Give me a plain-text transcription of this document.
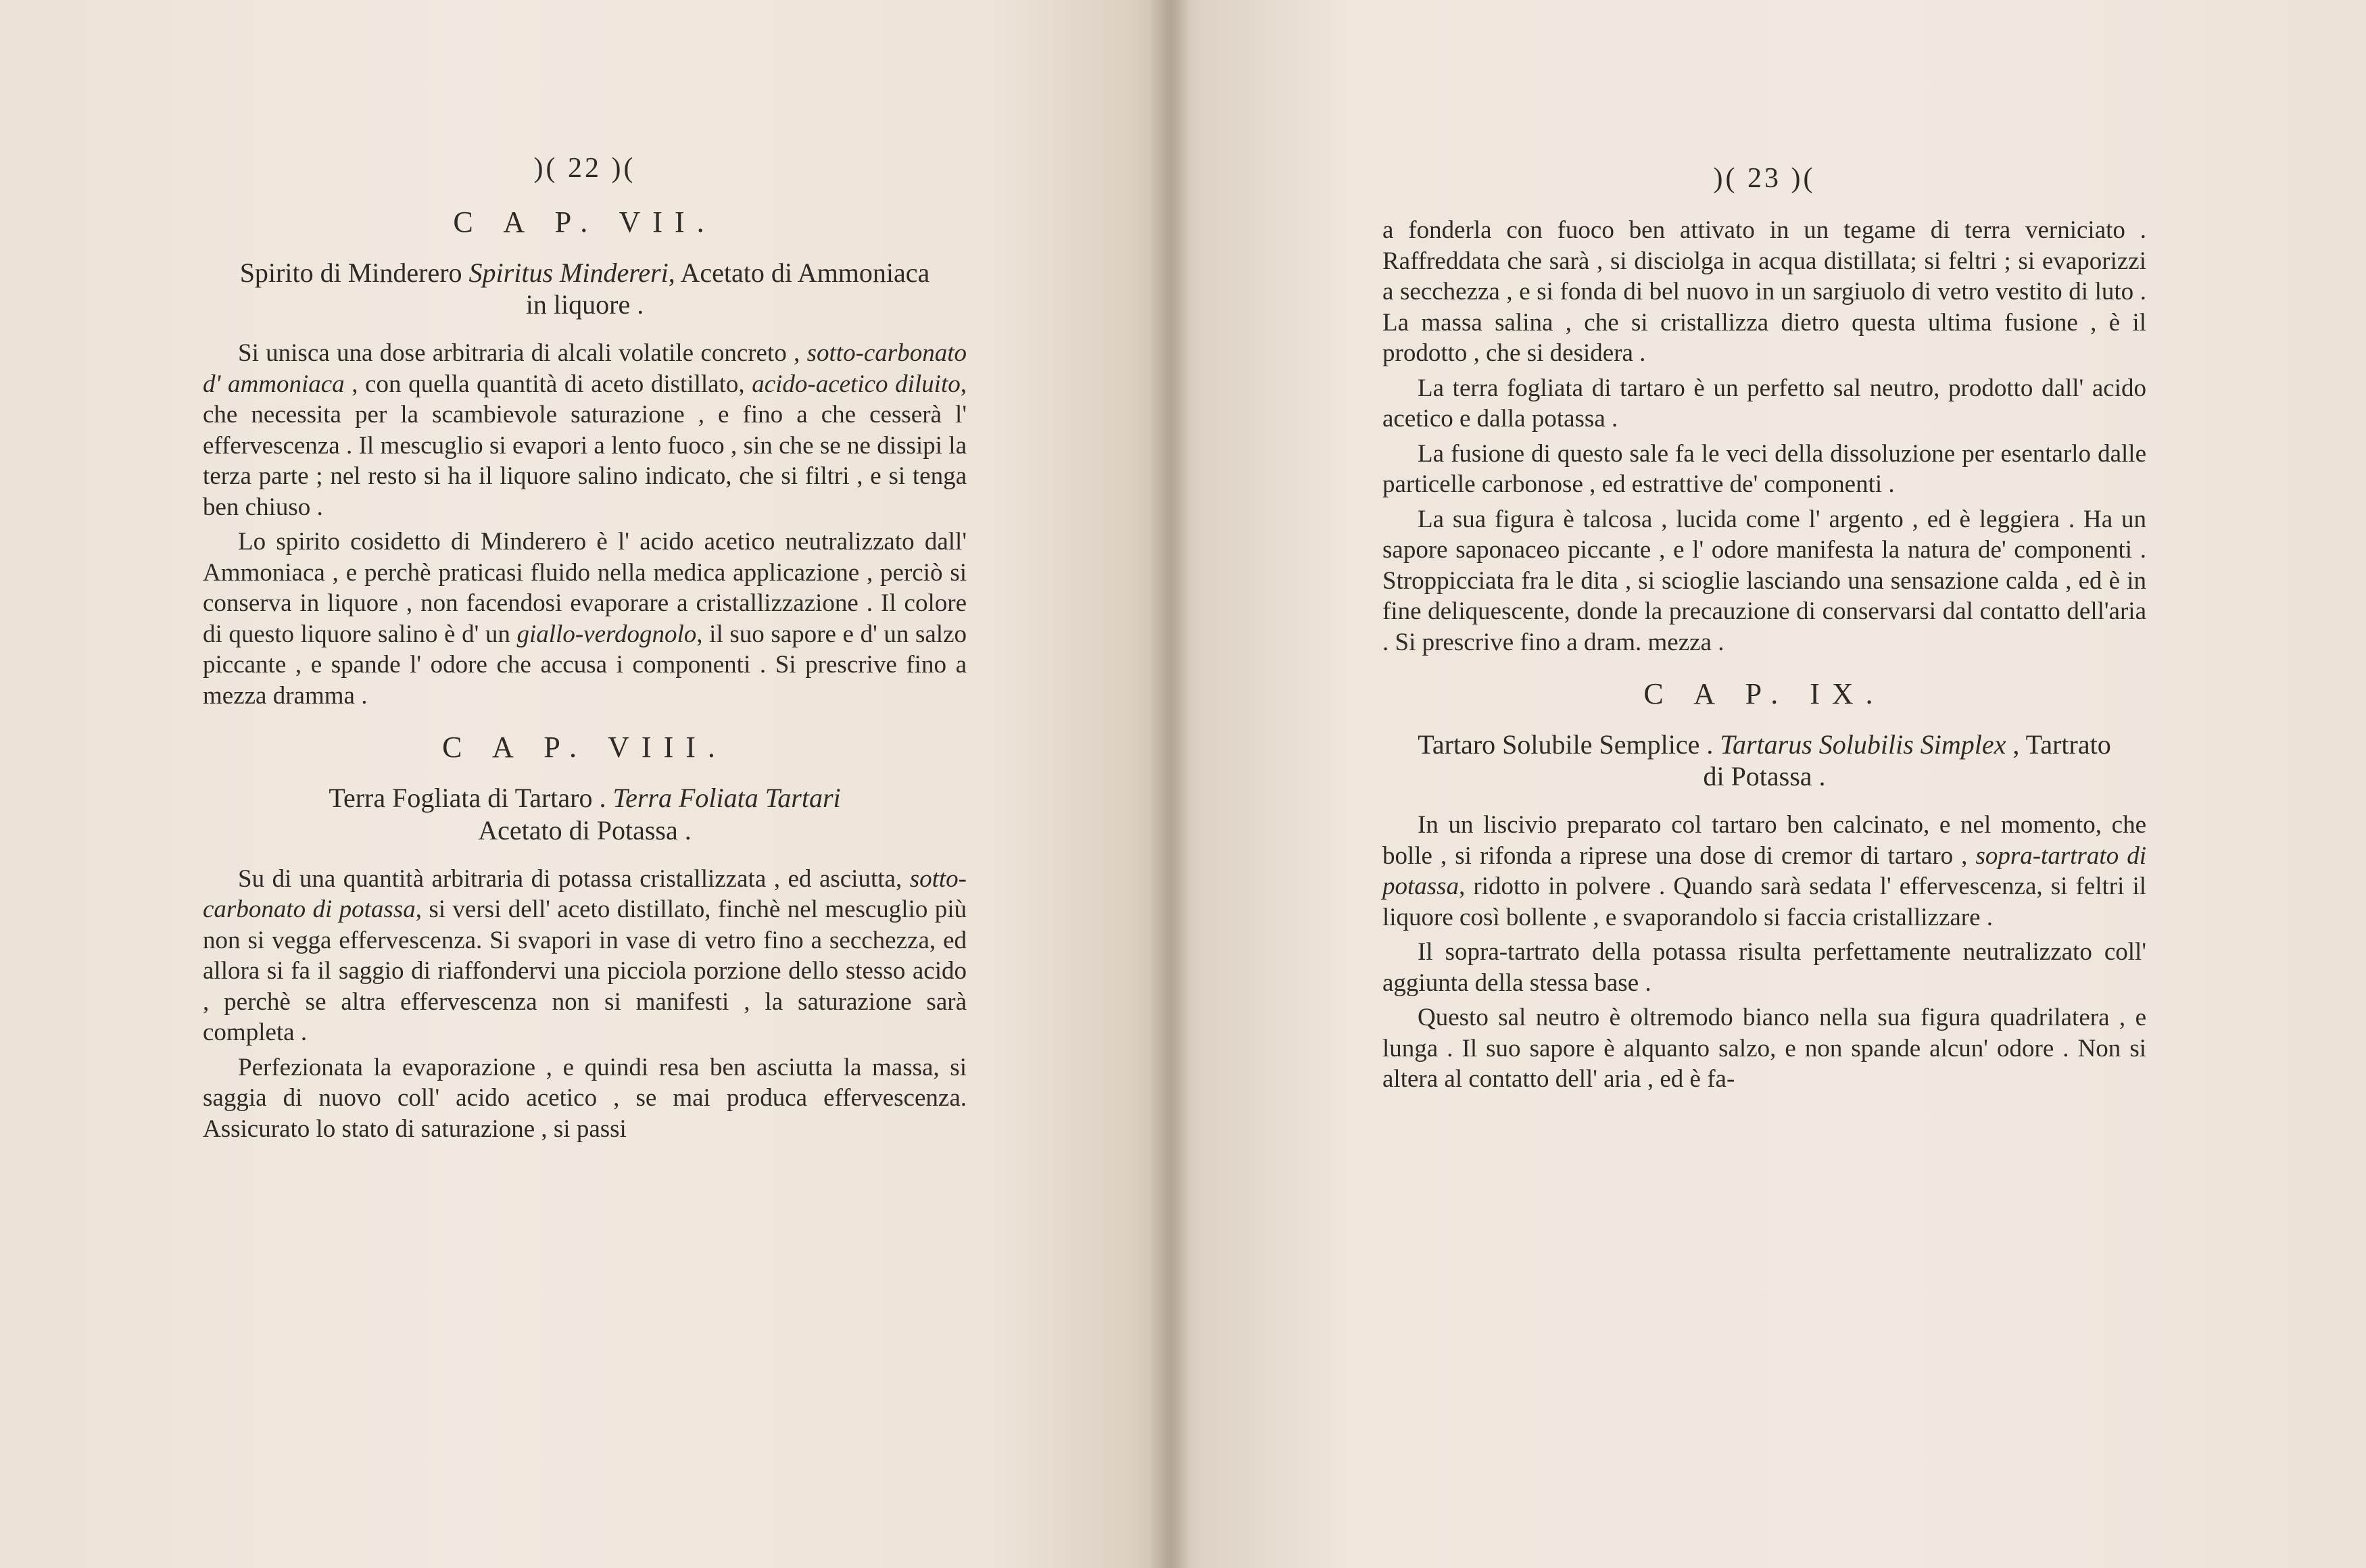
)( 22 )(
C A P. VII.
Spirito di Minderero Spiritus Mindereri, Acetato di Ammoniaca in liquore .

Si unisca una dose arbitraria di alcali volatile concreto , sotto-carbonato d' ammoniaca , con quella quantità di aceto distillato, acido-acetico diluito, che necessita per la scambievole saturazione , e fino a che cesserà l' effervescenza . Il mescuglio si evapori a lento fuoco , sin che se ne dissipi la terza parte ; nel resto si ha il liquore salino indicato, che si filtri , e si tenga ben chiuso .

Lo spirito cosidetto di Minderero è l' acido acetico neutralizzato dall' Ammoniaca , e perchè praticasi fluido nella medica applicazione , perciò si conserva in liquore , non facendosi evaporare a cristallizzazione . Il colore di questo liquore salino è d' un giallo-verdognolo, il suo sapore e d' un salzo piccante , e spande l' odore che accusa i componenti . Si prescrive fino a mezza dramma .

C A P. VIII.
Terra Fogliata di Tartaro . Terra Foliata Tartari
Acetato di Potassa .

Su di una quantità arbitraria di potassa cristallizzata , ed asciutta, sotto-carbonato di potassa, si versi dell' aceto distillato, finchè nel mescuglio più non si vegga effervescenza. Si svapori in vase di vetro fino a secchezza, ed allora si fa il saggio di riaffondervi una picciola porzione dello stesso acido , perchè se altra effervescenza non si manifesti , la saturazione sarà completa .

Perfezionata la evaporazione , e quindi resa ben asciutta la massa, si saggia di nuovo coll' acido acetico , se mai produca effervescenza. Assicurato lo stato di saturazione , si passi

)( 23 )(

a fonderla con fuoco ben attivato in un tegame di terra verniciato . Raffreddata che sarà , si disciolga in acqua distillata; si feltri ; si evaporizzi a secchezza , e si fonda di bel nuovo in un sargiuolo di vetro vestito di luto . La massa salina , che si cristallizza dietro questa ultima fusione , è il prodotto , che si desidera .

La terra fogliata di tartaro è un perfetto sal neutro, prodotto dall' acido acetico e dalla potassa .

La fusione di questo sale fa le veci della dissoluzione per esentarlo dalle particelle carbonose , ed estrattive de' componenti .

La sua figura è talcosa , lucida come l' argento , ed è leggiera . Ha un sapore saponaceo piccante , e l' odore manifesta la natura de' componenti . Stroppicciata fra le dita , si scioglie lasciando una sensazione calda , ed è in fine deliquescente, donde la precauzione di conservarsi dal contatto dell'aria . Si prescrive fino a dram. mezza .

C A P. IX.
Tartaro Solubile Semplice . Tartarus Solubilis Simplex , Tartrato di Potassa .

In un liscivio preparato col tartaro ben calcinato, e nel momento, che bolle , si rifonda a riprese una dose di cremor di tartaro , sopra-tartrato di potassa, ridotto in polvere . Quando sarà sedata l' effervescenza, si feltri il liquore così bollente , e svaporandolo si faccia cristallizzare .

Il sopra-tartrato della potassa risulta perfettamente neutralizzato coll' aggiunta della stessa base .

Questo sal neutro è oltremodo bianco nella sua figura quadrilatera , e lunga . Il suo sapore è alquanto salzo, e non spande alcun' odore . Non si altera al contatto dell' aria , ed è fa-
